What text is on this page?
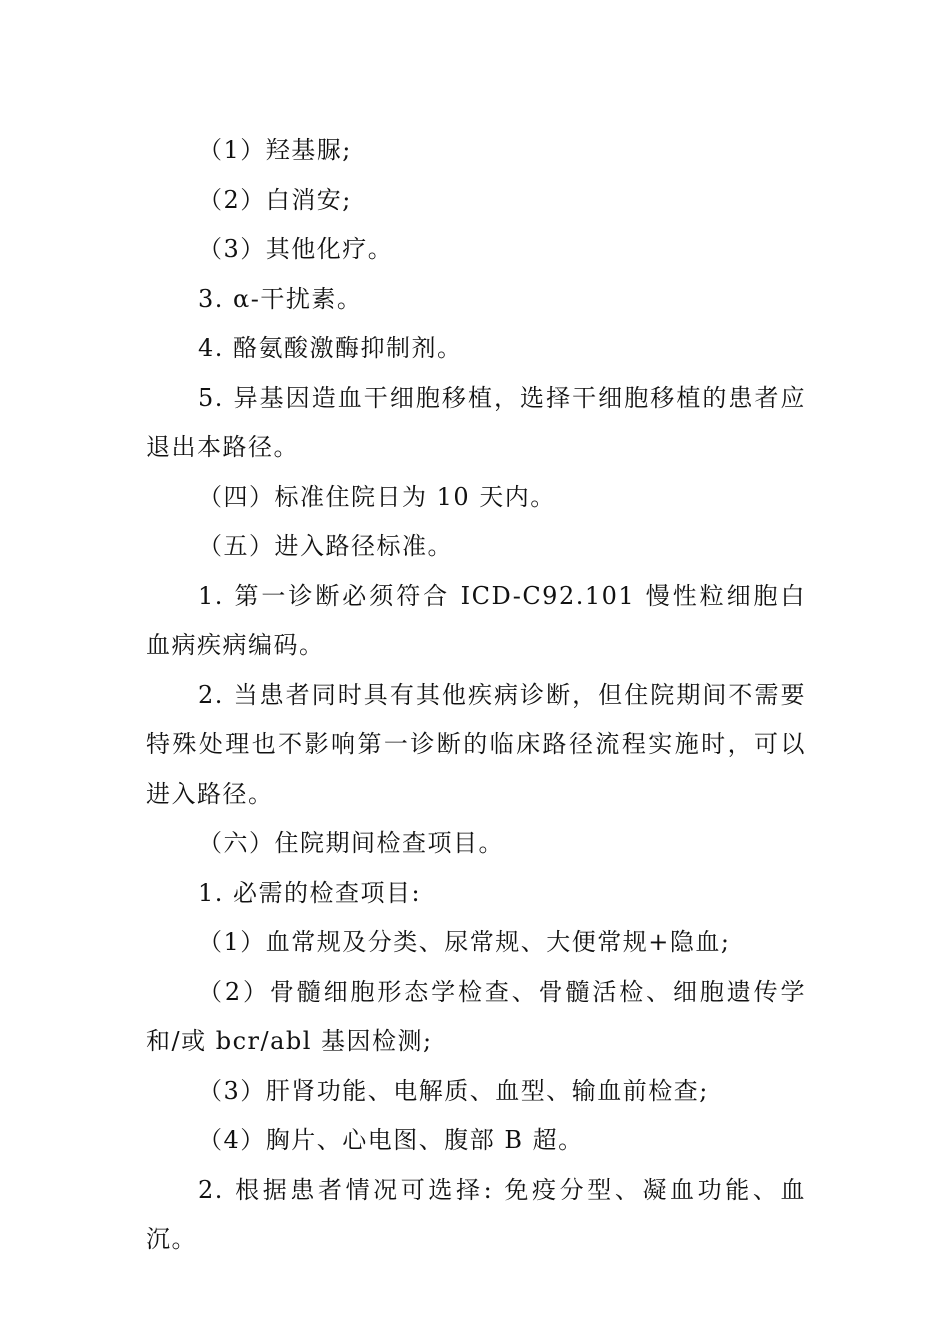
（1）羟基脲;

（2）白消安;

（3）其他化疗。

3. α-干扰素。

4. 酪氨酸激酶抑制剂。

5. 异基因造血干细胞移植，选择干细胞移植的患者应退出本路径。

（四）标准住院日为 10 天内。

（五）进入路径标准。

1. 第一诊断必须符合 ICD-C92.101 慢性粒细胞白血病疾病编码。

2. 当患者同时具有其他疾病诊断，但住院期间不需要特殊处理也不影响第一诊断的临床路径流程实施时，可以进入路径。

（六）住院期间检查项目。

1. 必需的检查项目:

（1）血常规及分类、尿常规、大便常规+隐血;

（2）骨髓细胞形态学检查、骨髓活检、细胞遗传学和/或 bcr/abl 基因检测;

（3）肝肾功能、电解质、血型、输血前检查;

（4）胸片、心电图、腹部 B 超。

2. 根据患者情况可选择: 免疫分型、凝血功能、血沉。
